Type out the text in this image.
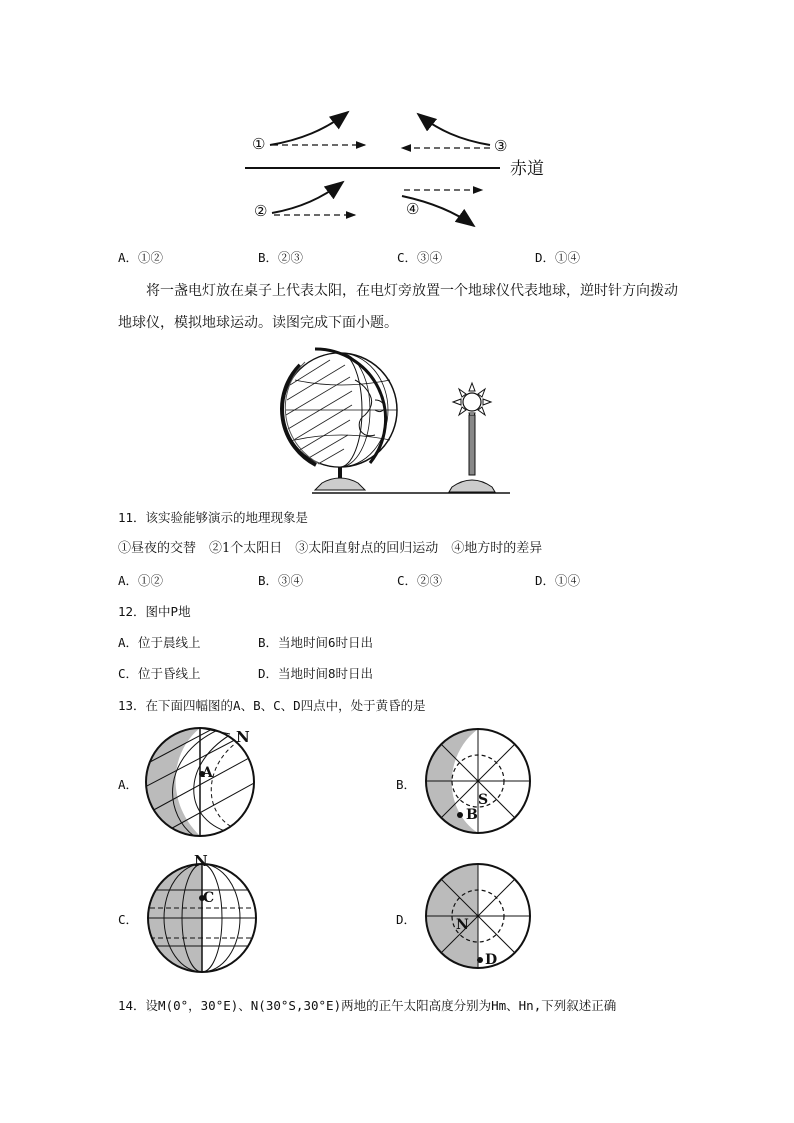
①	③
②	④
赤道
A．①②	B．②③	C．③④	D．①④
将一盏电灯放在桌子上代表太阳，在电灯旁放置一个地球仪代表地球，逆时针方向拨动
地球仪，模拟地球运动。读图完成下面小题。
11．该实验能够演示的地理现象是
①昼夜的交替　②1个太阳日　③太阳直射点的回归运动　④地方时的差异
A．①②	B．③④	C．②③	D．①④
12．图中P地
A．位于晨线上	B．当地时间6时日出
C．位于昏线上	D．当地时间8时日出
13．在下面四幅图的A、B、C、D四点中，处于黄昏的是
A．	B．
C．	D．
A
N
S
B
N
C
N
D
14．设M(0°，30°E)、N(30°S,30°E)两地的正午太阳高度分别为Hm、Hn,下列叙述正确
